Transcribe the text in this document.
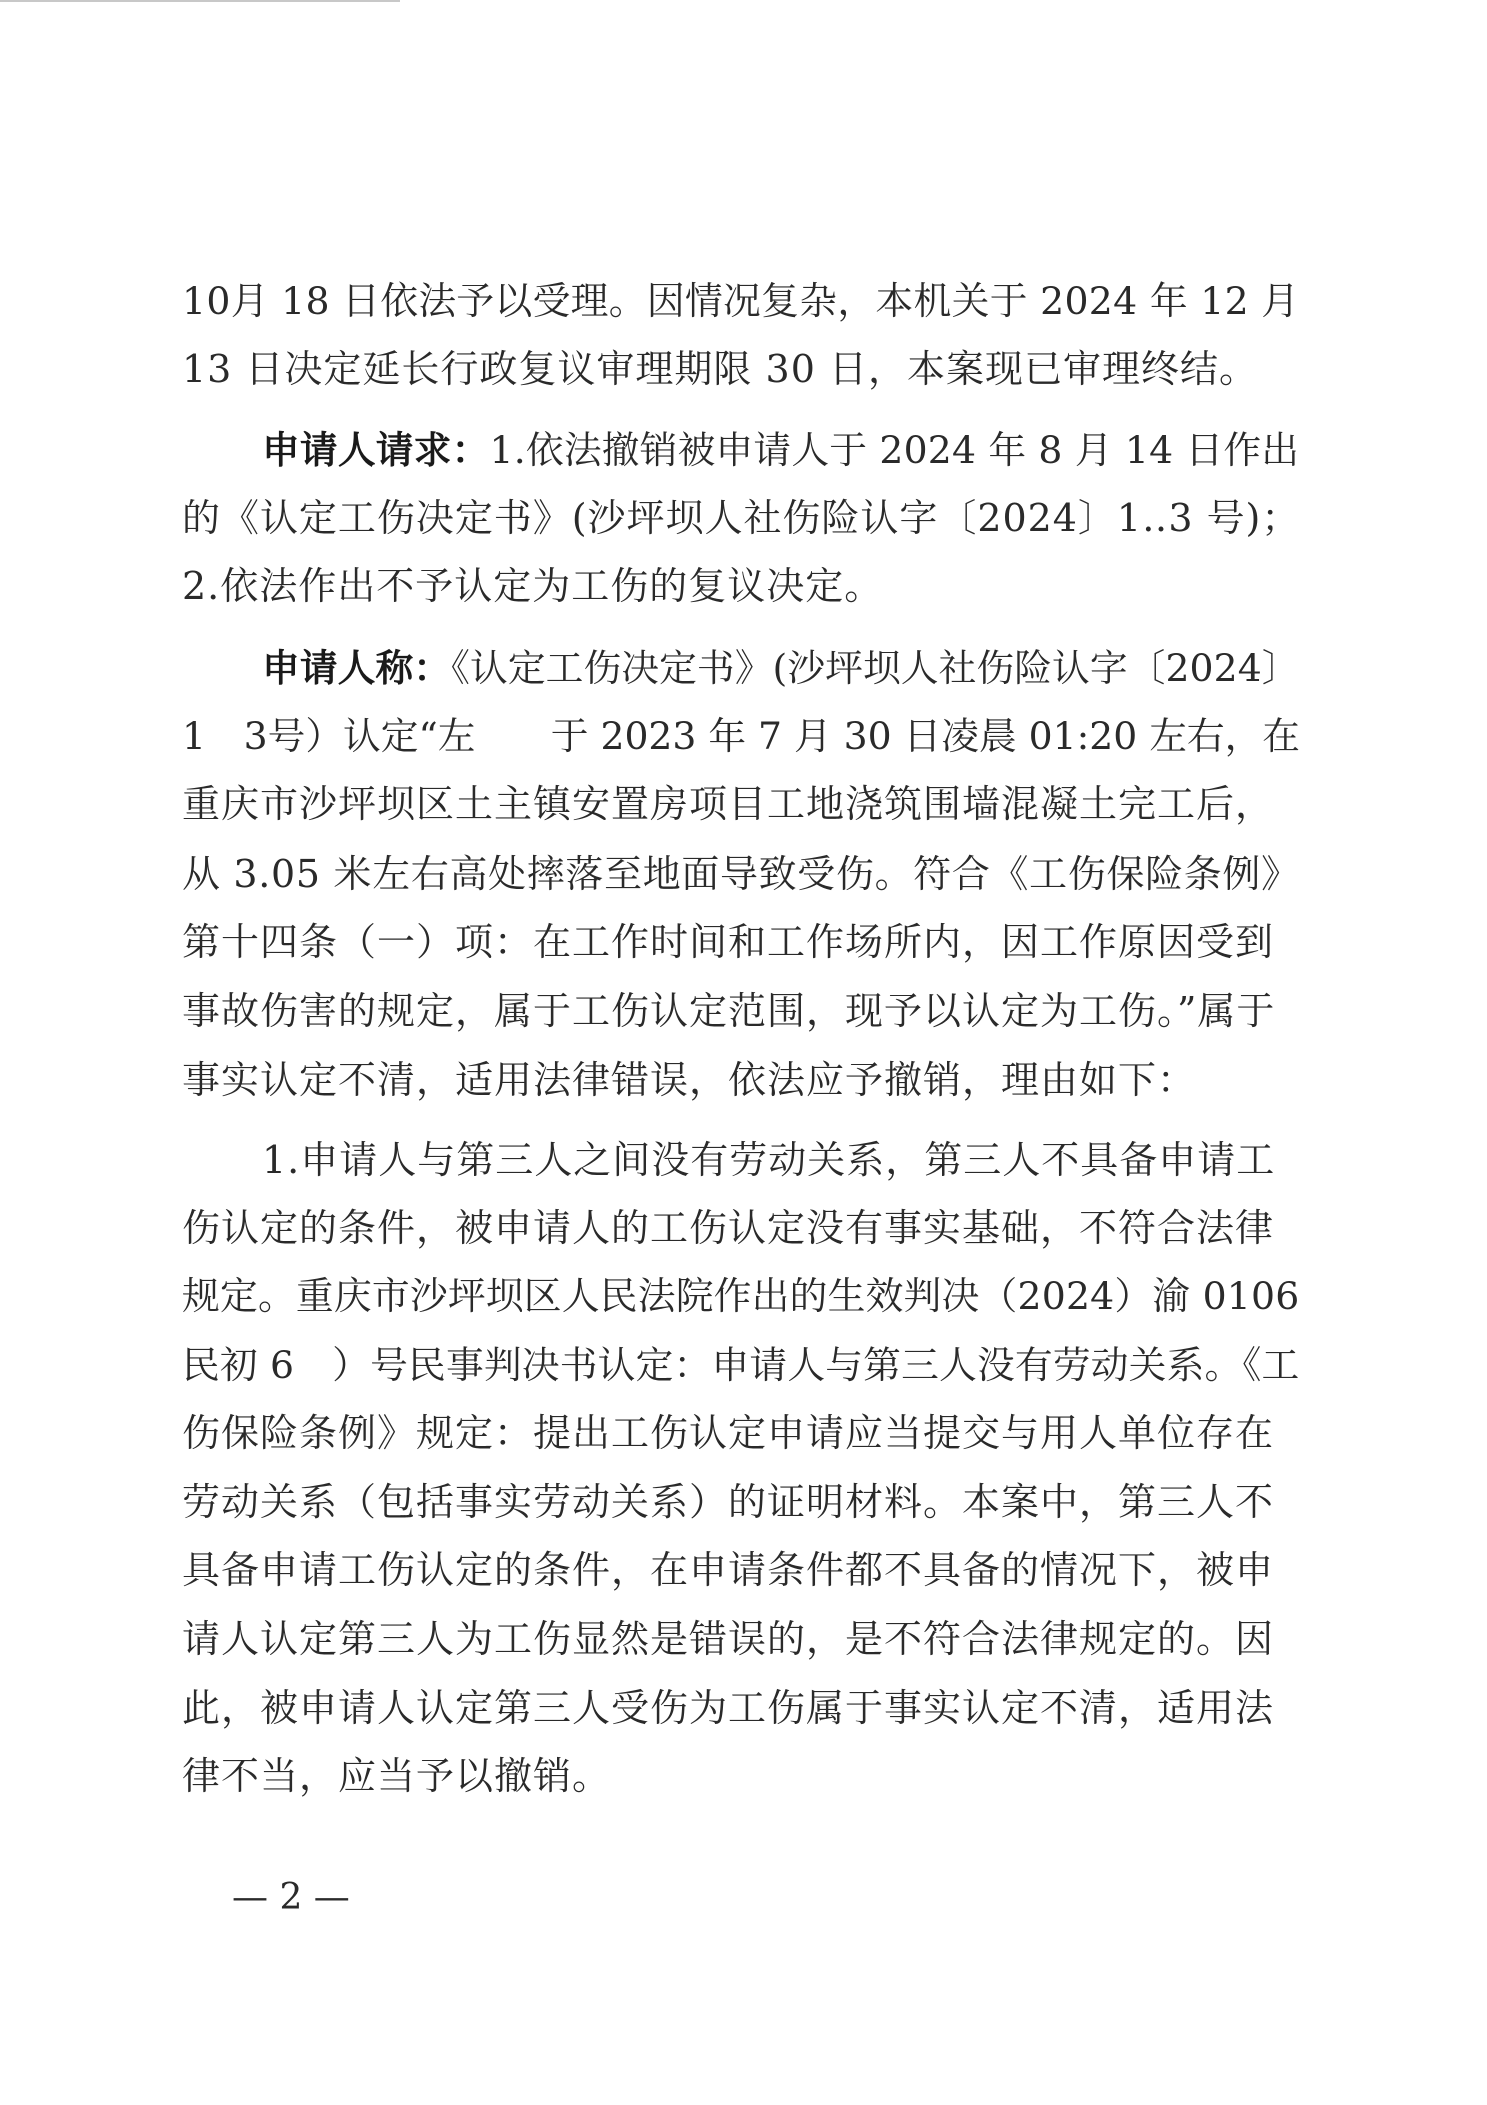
10月 18 日依法予以受理。因情况复杂，本机关于 2024 年 12 月
13 日决定延长行政复议审理期限 30 日，本案现已审理终结。
申请人请求：1.依法撤销被申请人于 2024 年 8 月 14 日作出
的《认定工伤决定书》(沙坪坝人社伤险认字〔2024〕1‥3 号)；
2.依法作出不予认定为工伤的复议决定。
申请人称：《认定工伤决定书》(沙坪坝人社伤险认字〔2024〕
1　3号）认定“左　　于 2023 年 7 月 30 日凌晨 01:20 左右，在
重庆市沙坪坝区土主镇安置房项目工地浇筑围墙混凝土完工后，
从 3.05 米左右高处摔落至地面导致受伤。符合《工伤保险条例》
第十四条（一）项：在工作时间和工作场所内，因工作原因受到
事故伤害的规定，属于工伤认定范围，现予以认定为工伤。”属于
事实认定不清，适用法律错误，依法应予撤销，理由如下：
1.申请人与第三人之间没有劳动关系，第三人不具备申请工
伤认定的条件，被申请人的工伤认定没有事实基础，不符合法律
规定。重庆市沙坪坝区人民法院作出的生效判决（2024）渝 0106
民初 6　）号民事判决书认定：申请人与第三人没有劳动关系。《工
伤保险条例》规定：提出工伤认定申请应当提交与用人单位存在
劳动关系（包括事实劳动关系）的证明材料。本案中，第三人不
具备申请工伤认定的条件，在申请条件都不具备的情况下，被申
请人认定第三人为工伤显然是错误的，是不符合法律规定的。因
此，被申请人认定第三人受伤为工伤属于事实认定不清，适用法
律不当，应当予以撤销。
— 2 —
